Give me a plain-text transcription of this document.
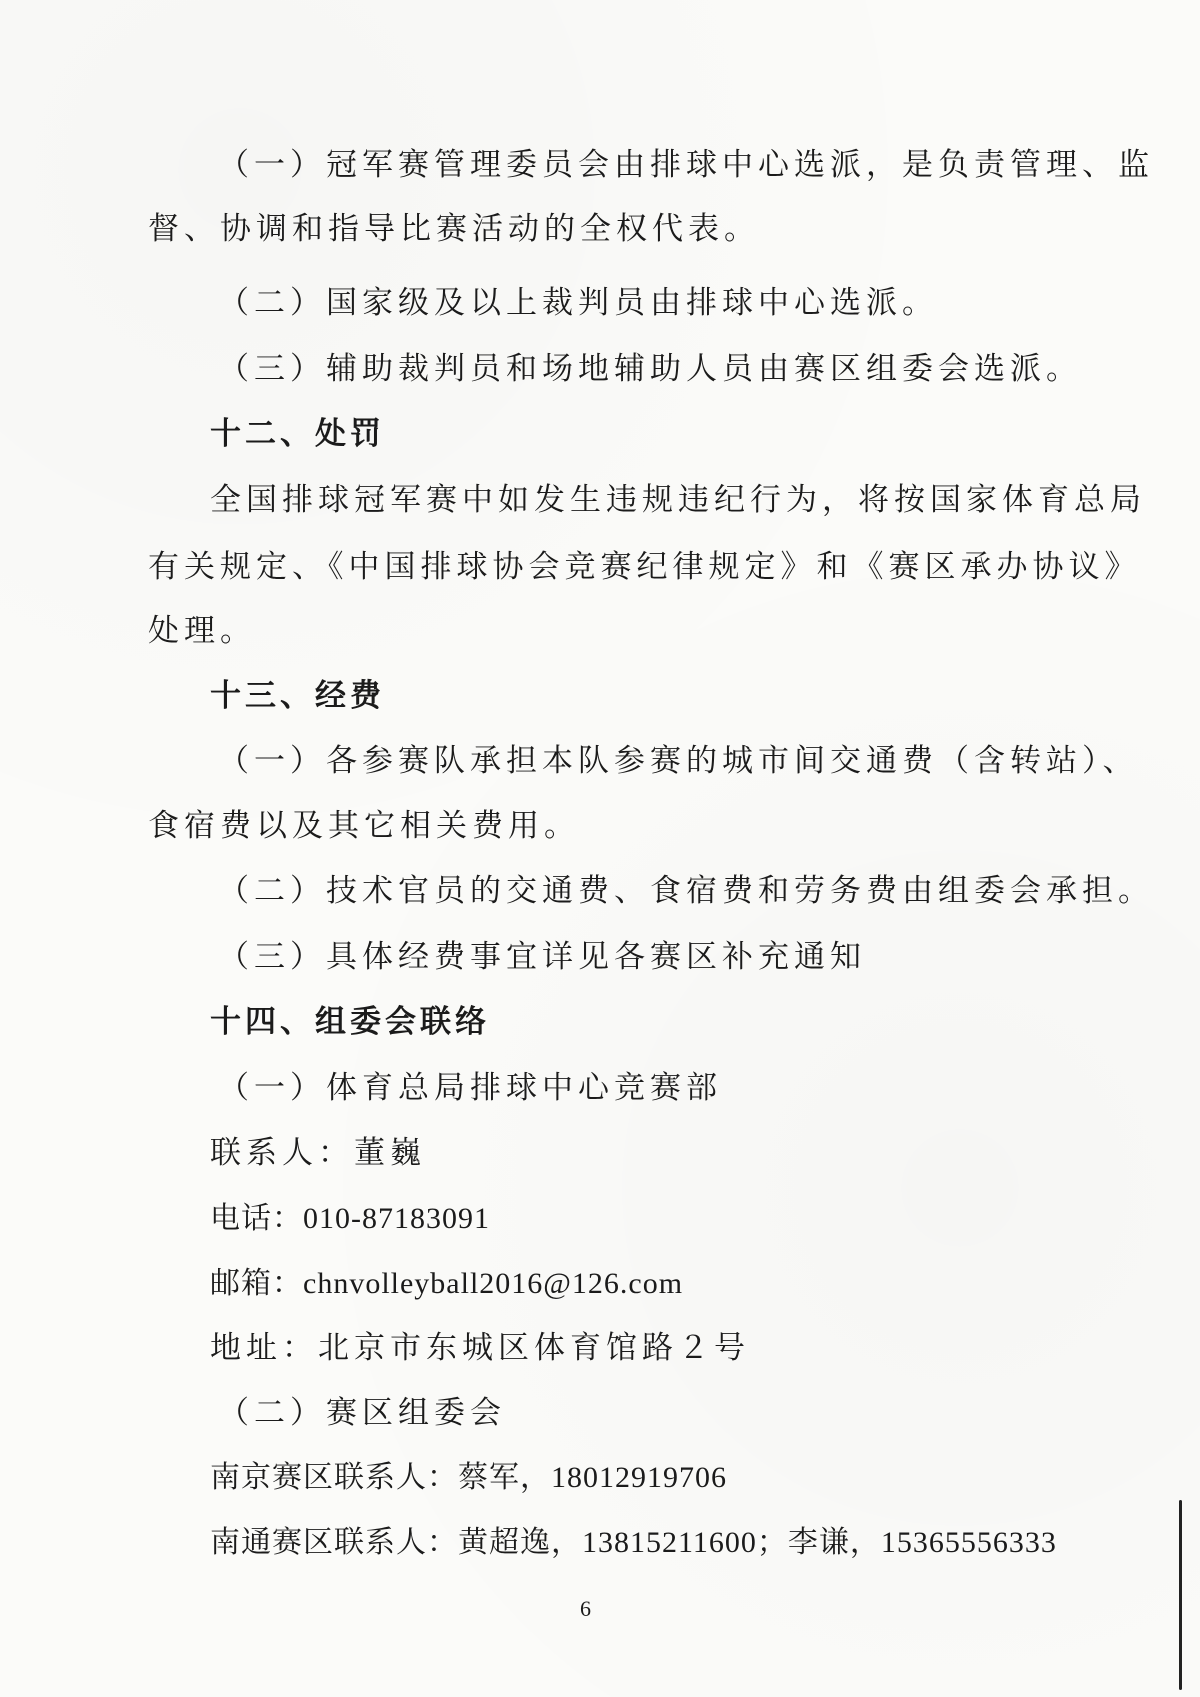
（一）冠军赛管理委员会由排球中心选派，是负责管理、监
督、协调和指导比赛活动的全权代表。
（二）国家级及以上裁判员由排球中心选派。
（三）辅助裁判员和场地辅助人员由赛区组委会选派。
十二、处罚
全国排球冠军赛中如发生违规违纪行为，将按国家体育总局
有关规定、《中国排球协会竞赛纪律规定》和《赛区承办协议》
处理。
十三、经费
（一）各参赛队承担本队参赛的城市间交通费（含转站）、
食宿费以及其它相关费用。
（二）技术官员的交通费、食宿费和劳务费由组委会承担。
（三）具体经费事宜详见各赛区补充通知
十四、组委会联络
（一）体育总局排球中心竞赛部
联系人：董巍
电话：010-87183091
邮箱：chnvolleyball2016@126.com
地址：北京市东城区体育馆路２号
（二）赛区组委会
南京赛区联系人：蔡军，18012919706
南通赛区联系人：黄超逸，13815211600；李谦，15365556333
6
